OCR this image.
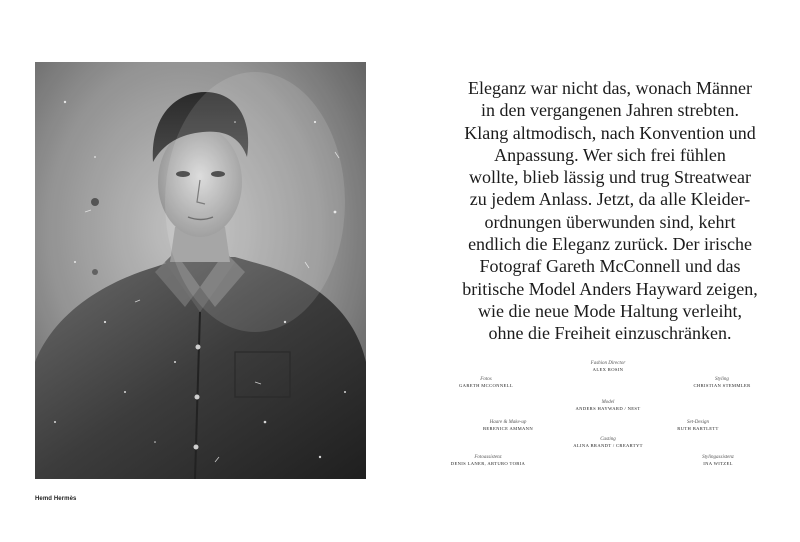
Hemd Hermès
Eleganz war nicht das, wonach Männer
in den vergangenen Jahren strebten.
Klang altmodisch, nach Konvention und
Anpassung. Wer sich frei fühlen
wollte, blieb lässig und trug Streatwear
zu jedem Anlass. Jetzt, da alle Kleider-
ordnungen überwunden sind, kehrt
endlich die Eleganz zurück. Der irische
Fotograf Gareth McConnell und das
britische Model Anders Hayward zeigen,
wie die neue Mode Haltung verleiht,
ohne die Freiheit einzuschränken.
Fashion Director
ALEX ROSIN
Fotos
GARETH MCCONNELL
Styling
CHRISTIAN STEMMLER
Model
ANDERS HAYWARD / NEST
Haare & Make-up
BERENICE AMMANN
Set-Design
RUTH BARTLETT
Casting
ALINA BRANDT / CREARTYT
Fotoassistenz
DENIS LANER, ARTURO TOBIA
Stylingassistenz
INA WITZEL
